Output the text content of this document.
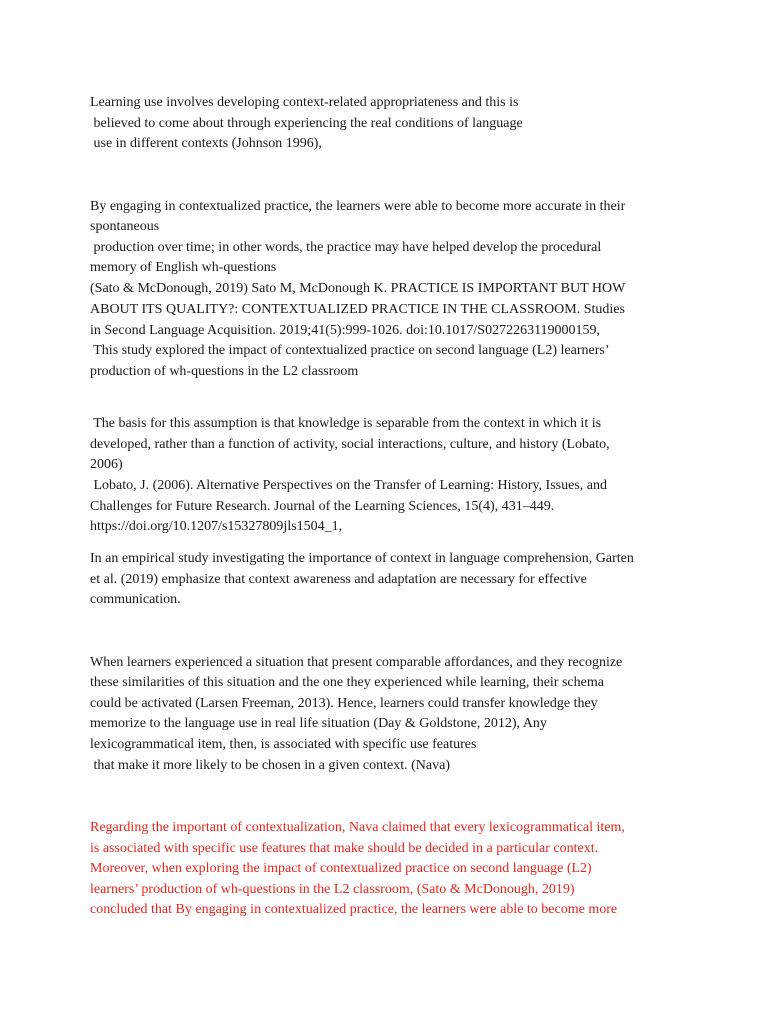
Learning use involves developing context-related appropriateness and this is
believed to come about through experiencing the real conditions of language
use in different contexts (Johnson 1996),
By engaging in contextualized practice, the learners were able to become more accurate in their
spontaneous
production over time; in other words, the practice may have helped develop the procedural
memory of English wh-questions
(Sato & McDonough, 2019) Sato M, McDonough K. PRACTICE IS IMPORTANT BUT HOW
ABOUT ITS QUALITY?: CONTEXTUALIZED PRACTICE IN THE CLASSROOM. Studies
in Second Language Acquisition. 2019;41(5):999-1026. doi:10.1017/S0272263119000159,
This study explored the impact of contextualized practice on second language (L2) learners’
production of wh-questions in the L2 classroom
The basis for this assumption is that knowledge is separable from the context in which it is
developed, rather than a function of activity, social interactions, culture, and history (Lobato,
2006)
Lobato, J. (2006). Alternative Perspectives on the Transfer of Learning: History, Issues, and
Challenges for Future Research. Journal of the Learning Sciences, 15(4), 431–449.
https://doi.org/10.1207/s15327809jls1504_1,
In an empirical study investigating the importance of context in language comprehension, Garten
et al. (2019) emphasize that context awareness and adaptation are necessary for effective
communication.
When learners experienced a situation that present comparable affordances, and they recognize
these similarities of this situation and the one they experienced while learning, their schema
could be activated (Larsen Freeman, 2013). Hence, learners could transfer knowledge they
memorize to the language use in real life situation (Day & Goldstone, 2012), Any
lexicogrammatical item, then, is associated with specific use features
that make it more likely to be chosen in a given context. (Nava)
Regarding the important of contextualization, Nava claimed that every lexicogrammatical item,
is associated with specific use features that make should be decided in a particular context.
Moreover, when exploring the impact of contextualized practice on second language (L2)
learners’ production of wh-questions in the L2 classroom, (Sato & McDonough, 2019)
concluded that By engaging in contextualized practice, the learners were able to become more
